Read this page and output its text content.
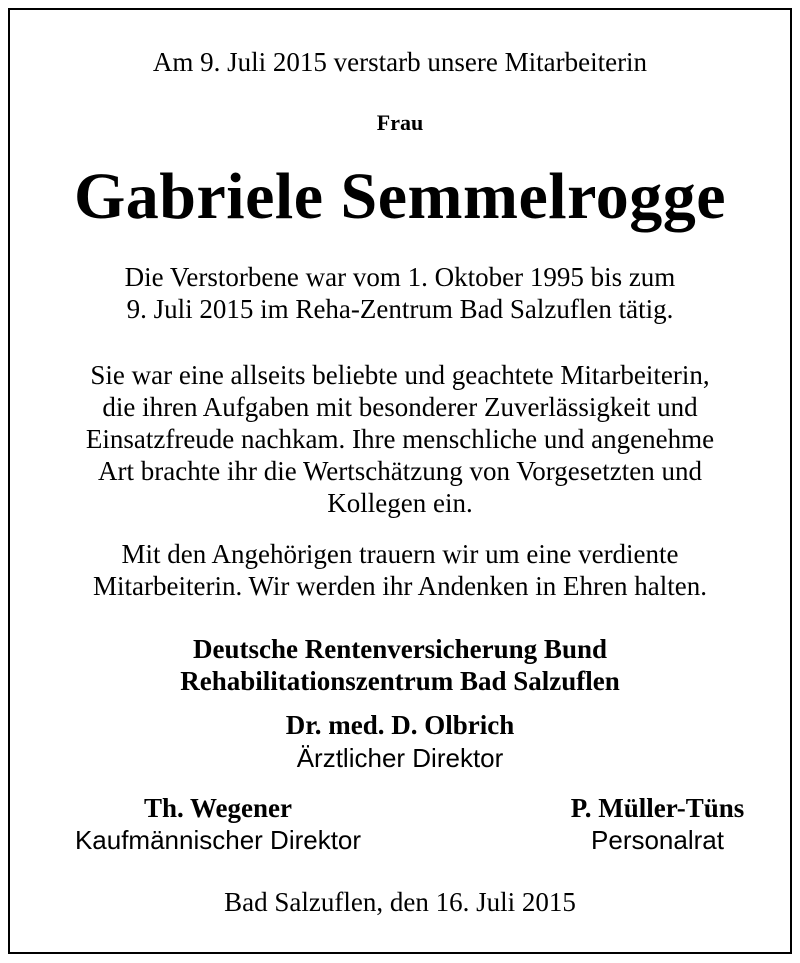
Am 9. Juli 2015 verstarb unsere Mitarbeiterin
Frau
Gabriele Semmelrogge
Die Verstorbene war vom 1. Oktober 1995 bis zum
9. Juli 2015 im Reha-Zentrum Bad Salzuflen tätig.
Sie war eine allseits beliebte und geachtete Mitarbeiterin,
die ihren Aufgaben mit besonderer Zuverlässigkeit und
Einsatzfreude nachkam. Ihre menschliche und angenehme
Art brachte ihr die Wertschätzung von Vorgesetzten und
Kollegen ein.
Mit den Angehörigen trauern wir um eine verdiente
Mitarbeiterin. Wir werden ihr Andenken in Ehren halten.
Deutsche Rentenversicherung Bund
Rehabilitationszentrum Bad Salzuflen
Dr. med. D. Olbrich
Ärztlicher Direktor
Th. Wegener
Kaufmännischer Direktor
P. Müller-Tüns
Personalrat
Bad Salzuflen, den 16. Juli 2015
